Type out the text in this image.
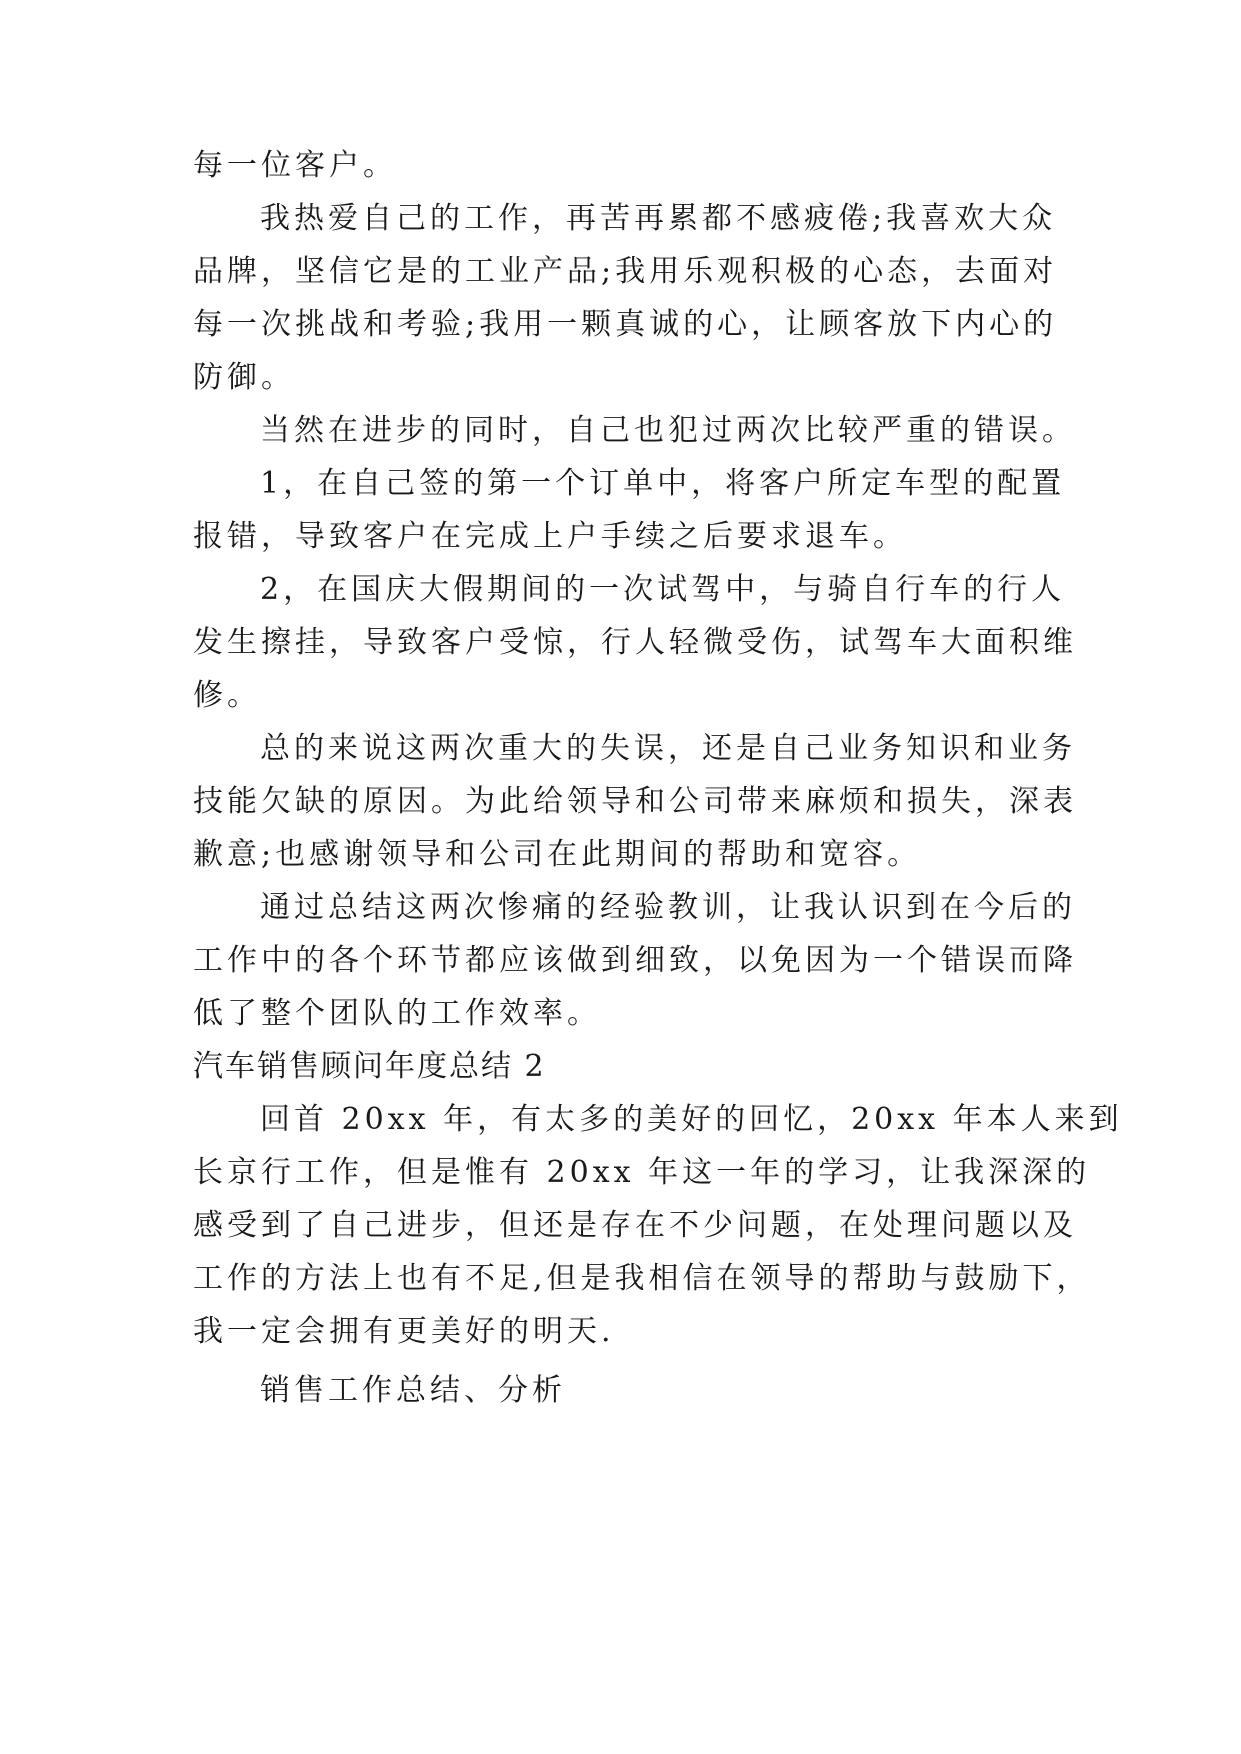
每一位客户。
我热爱自己的工作，再苦再累都不感疲倦;我喜欢大众
品牌，坚信它是的工业产品;我用乐观积极的心态，去面对
每一次挑战和考验;我用一颗真诚的心，让顾客放下内心的
防御。
当然在进步的同时，自己也犯过两次比较严重的错误。
1，在自己签的第一个订单中，将客户所定车型的配置
报错，导致客户在完成上户手续之后要求退车。
2，在国庆大假期间的一次试驾中，与骑自行车的行人
发生擦挂，导致客户受惊，行人轻微受伤，试驾车大面积维
修。
总的来说这两次重大的失误，还是自己业务知识和业务
技能欠缺的原因。为此给领导和公司带来麻烦和损失，深表
歉意;也感谢领导和公司在此期间的帮助和宽容。
通过总结这两次惨痛的经验教训，让我认识到在今后的
工作中的各个环节都应该做到细致，以免因为一个错误而降
低了整个团队的工作效率。
汽车销售顾问年度总结 2
回首 20xx 年，有太多的美好的回忆，20xx 年本人来到
长京行工作，但是惟有 20xx 年这一年的学习，让我深深的
感受到了自己进步，但还是存在不少问题，在处理问题以及
工作的方法上也有不足,但是我相信在领导的帮助与鼓励下，
我一定会拥有更美好的明天.
销售工作总结、分析
